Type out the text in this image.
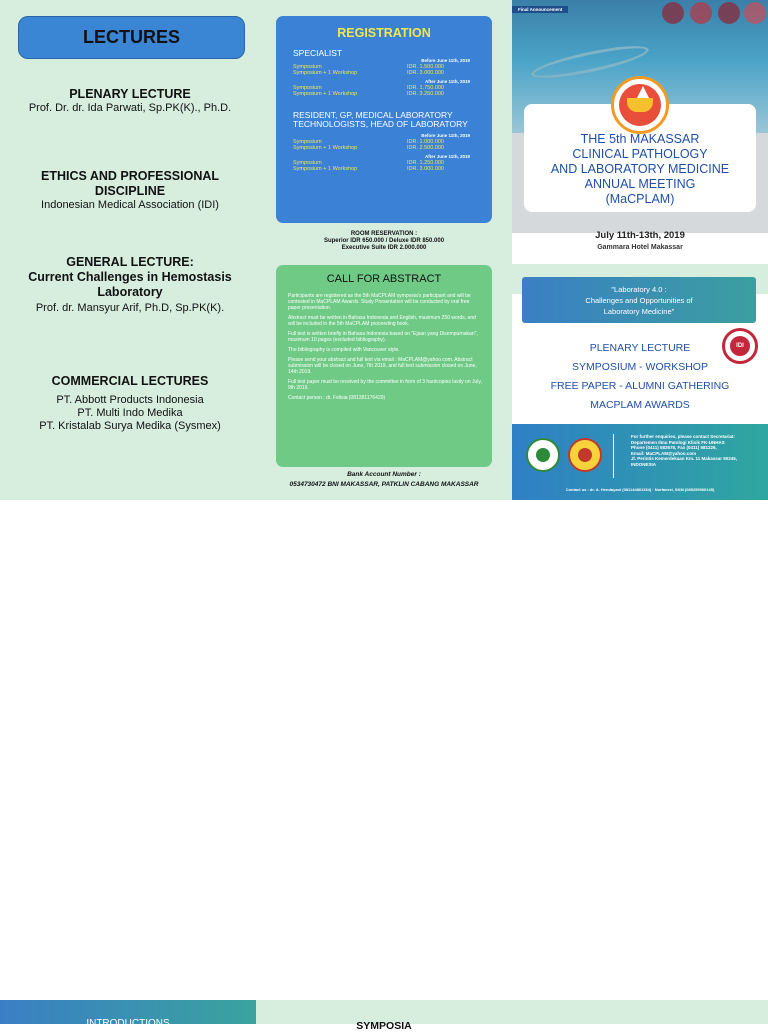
LECTURES
PLENARY LECTURE
Prof. Dr. dr. Ida Parwati, Sp.PK(K)., Ph.D.
ETHICS AND PROFESSIONAL DISCIPLINE
Indonesian Medical Association (IDI)
GENERAL LECTURE:
Current Challenges in Hemostasis
Laboratory
Prof. dr. Mansyur Arif, Ph.D, Sp.PK(K).
COMMERCIAL LECTURES
PT. Abbott Products Indonesia
PT. Multi Indo Medika
PT. Kristalab Surya Medika (Sysmex)
REGISTRATION
SPECIALIST
Before June 11th, 2019
Symposium	IDR. 1.500.000
Symposium + 1 Workshop	IDR. 3.000.000
After June 11th, 2019
Symposium	IDR. 1.750.000
Symposium + 1 Workshop	IDR. 3.250.000
RESIDENT, GP, MEDICAL LABORATORY
TECHNOLOGISTS, HEAD OF LABORATORY
Before June 11th, 2019
Symposium	IDR. 1.000.000
Symposium + 1 Workshop	IDR. 2.500.000
After June 11th, 2019
Symposium	IDR. 1.250.000
Symposium + 1 Workshop	IDR. 3.000.000
ROOM RESERVATION :
Superior IDR 650.000 / Deluxe IDR 850.000
Executive Suite IDR 2.000.000
CALL FOR ABSTRACT

Participants are registered as the 5th MaCPLAM symposia's participant and will be contested in MaCPLAM Awards. Study Presentation will be conducted by oral free paper presentation.

Abstract must be written in Bahasa Indonesia and English, maximum 250 words, and will be included in the 5th MaCPLAM proceeding book.

Full text is written briefly in Bahasa Indonesia based on "Ejaan yang Disempurnakan", maximum 10 pages (excluded bibliography).

The bibliography is compiled with Vancouver style.

Please send your abstract and full text via email : MaCPLAM@yahoo.com. Abstract submission will be closed on June, 7th 2019, and full text submission closed on June, 14th 2019.

Full text paper must be received by the committee in form of 3 hardcopies lastly on July, 9th 2019.

Contact person : dr. Felisia (081381176429)

Bank Account Number :
0534730472 BNI MAKASSAR, PATKLIN CABANG MAKASSAR
Final Announcement
THE 5th MAKASSAR
CLINICAL PATHOLOGY
AND LABORATORY MEDICINE
ANNUAL MEETING
(MaCPLAM)
July 11th-13th, 2019
Gammara Hotel Makassar
"Laboratory 4.0 :
Challenges and Opportunities of
Laboratory Medicine"
IDI
PLENARY LECTURE
SYMPOSIUM - WORKSHOP
FREE PAPER - ALUMNI GATHERING
MACPLAM AWARDS
For further enquiries, please contact Secretariat:
Departemen Ilmu Patologi Klinik FK-UNHAS
Phone (0411) 582678, Fax (0411) 581226,
Email: MaCPLAM@yahoo.com
Jl. Perintis Kemerdekaan Km. 11 Makassar 90245,
INDONESIA
Contact us : dr. A. Hendayani (081144801154) · Nurfaeezi, SKM (085255960145)
INTRODUCTIONS	SYMPOSIA
